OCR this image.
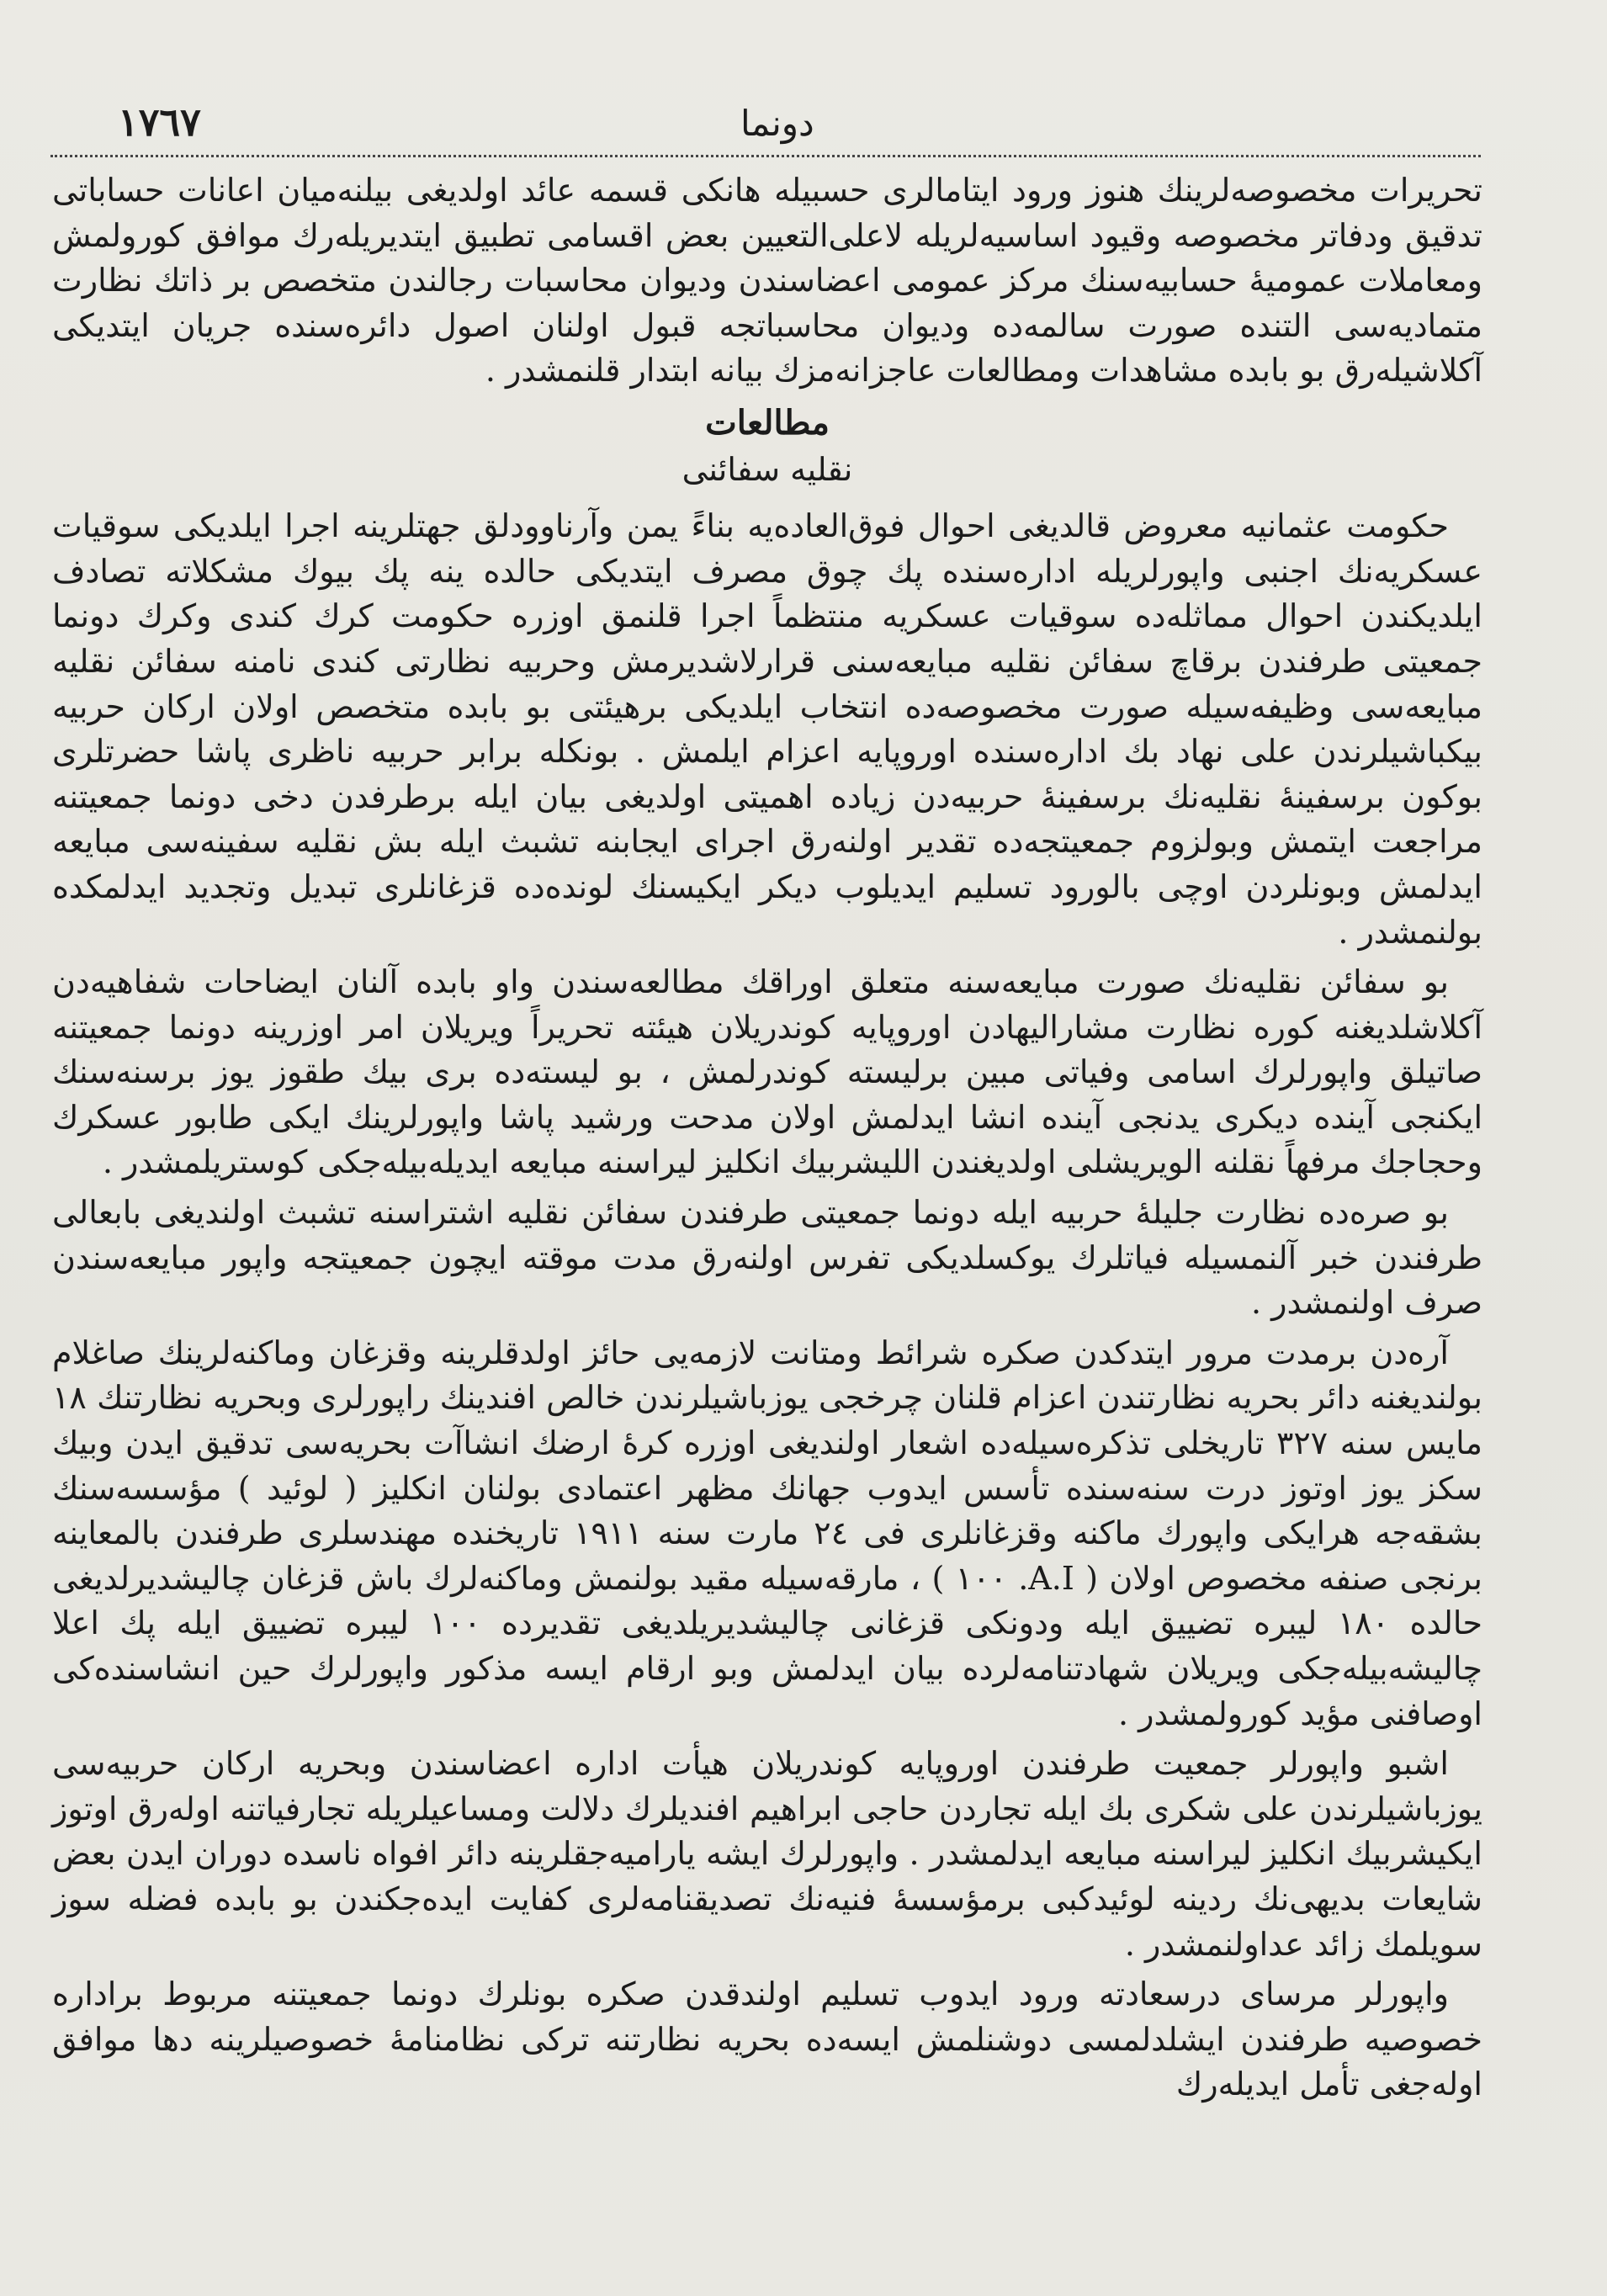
١٧٦٧	دونما

تحریرات مخصوصه‌لرینك هنوز ورود ایتامالری حسبیله هانکی قسمه عائد اولدیغی بیلنه‌میان اعانات حساباتی تدقیق ودفاتر مخصوصه وقیود اساسیه‌لریله لاعلی‌التعیین بعض اقسامی تطبیق ایتدیریله‌رك موافق کورولمش ومعاملات عمومیهٔ حسابیه‌سنك مرکز عمومی اعضاسندن ودیوان محاسبات رجالندن متخصص بر ذاتك نظارت متمادیه‌سی التنده صورت سالمه‌ده ودیوان محاسباتجه قبول اولنان اصول دائره‌سنده جریان ایتدیکی آکلاشیله‌رق بو بابده مشاهدات ومطالعات عاجزانه‌مزك بیانه ابتدار قلنمشدر .

مطالعات

نقلیه سفائنی

حکومت عثمانیه معروض قالدیغی احوال فوق‌العاده‌یه بناءً یمن وآرناوودلق جهتلرینه اجرا ایلدیکی سوقیات عسکریه‌نك اجنبی واپورلریله اداره‌سنده پك چوق مصرف ایتدیکی حالده ینه پك بیوك مشکلاته تصادف ایلدیکندن احوال مماثله‌ده سوقیات عسکریه منتظماً اجرا قلنمق اوزره حکومت کرك کندی وکرك دونما جمعیتی طرفندن برقاچ سفائن نقلیه مبایعه‌سنی قرارلاشدیرمش وحربیه نظارتی کندی نامنه سفائن نقلیه مبایعه‌سی وظیفه‌سیله صورت مخصوصه‌ده انتخاب ایلدیکی برهیئتی بو بابده متخصص اولان ارکان حربیه بیکباشیلرندن علی نهاد بك اداره‌سنده اوروپایه اعزام ایلمش . بونکله برابر حربیه ناظری پاشا حضرتلری بوکون برسفینهٔ نقلیه‌نك برسفینهٔ حربیه‌دن زیاده اهمیتی اولدیغی بیان ایله برطرفدن دخی دونما جمعیتنه مراجعت ایتمش وبولزوم جمعیتجه‌ده تقدیر اولنه‌رق اجرای ایجابنه تشبث ایله بش نقلیه سفینه‌سی مبایعه ایدلمش وبونلردن اوچی بالورود تسلیم ایدیلوب دیکر ایکیسنك لونده‌ده قزغانلری تبدیل وتجدید ایدلمکده بولنمشدر .

بو سفائن نقلیه‌نك صورت مبایعه‌سنه متعلق اوراقك مطالعه‌سندن واو بابده آلنان ایضاحات شفاهیه‌دن آکلاشلدیغنه کوره نظارت مشارالیهادن اوروپایه کوندریلان هیئته تحریراً ویریلان امر اوزرینه دونما جمعیتنه صاتیلق واپورلرك اسامی وفیاتی مبین برلیسته کوندرلمش ، بو لیسته‌ده بری بیك طقوز یوز برسنه‌سنك ایکنجی آینده دیکری یدنجی آینده انشا ایدلمش اولان مدحت ورشید پاشا واپورلرینك ایکی طابور عسکرك وحجاجك مرفهاً نقلنه الویریشلی اولدیغندن اللیشربیك انکلیز لیراسنه مبایعه ایدیله‌بیله‌جکی کوستریلمشدر .

بو صره‌ده نظارت جلیلهٔ حربیه ایله دونما جمعیتی طرفندن سفائن نقلیه اشتراسنه تشبث اولندیغی بابعالی طرفندن خبر آلنمسیله فیاتلرك یوکسلدیکی تفرس اولنه‌رق مدت موقته ایچون جمعیتجه واپور مبایعه‌سندن صرف اولنمشدر .

آره‌دن برمدت مرور ایتدکدن صکره شرائط ومتانت لازمه‌یی حائز اولدقلرینه وقزغان وماکنه‌لرینك صاغلام بولندیغنه دائر بحریه نظارتندن اعزام قلنان چرخجی یوزباشیلرندن خالص افندینك راپورلری وبحریه نظارتنك ١٨ مایس سنه ٣٢٧ تاریخلی تذکره‌سیله‌ده اشعار اولندیغی اوزره کرهٔ ارضك انشاآت بحریه‌سی تدقیق ایدن وبیك سکز یوز اوتوز درت سنه‌سنده تأسس ایدوب جهانك مظهر اعتمادی بولنان انکلیز ( لوئید ) مؤسسه‌سنك بشقه‌جه هرایکی واپورك ماکنه وقزغانلری فی ٢٤ مارت سنه ١٩١١ تاریخنده مهندسلری طرفندن بالمعاینه برنجی صنفه مخصوص اولان ( A.I. ١٠٠ ) ، مارقه‌سیله مقید بولنمش وماکنه‌لرك باش قزغان چالیشدیرلدیغی حالده ١٨٠ لیبره تضییق ایله ودونکی قزغانی چالیشدیریلدیغی تقدیرده ١٠٠ لیبره تضییق ایله پك اعلا چالیشه‌بیله‌جکی ویریلان شهادتنامه‌لرده بیان ایدلمش وبو ارقام ایسه مذکور واپورلرك حین انشاسنده‌کی اوصافنی مؤید کورولمشدر .

اشبو واپورلر جمعیت طرفندن اوروپایه کوندریلان هیأت اداره اعضاسندن وبحریه ارکان حربیه‌سی یوزباشیلرندن علی شکری بك ایله تجاردن حاجی ابراهیم افندیلرك دلالت ومساعیلریله تجارفیاتنه اوله‌رق اوتوز ایکیشربیك انکلیز لیراسنه مبایعه ایدلمشدر . واپورلرك ایشه یارامیه‌جقلرینه دائر افواه ناسده دوران ایدن بعض شایعات بدیهی‌نك ردینه لوئیدکبی برمؤسسهٔ فنیه‌نك تصدیقنامه‌لری کفایت ایده‌جکندن بو بابده فضله سوز سویلمك زائد عداولنمشدر .

واپورلر مرسای درسعادته ورود ایدوب تسلیم اولندقدن صکره بونلرك دونما جمعیتنه مربوط براداره خصوصیه طرفندن ایشلدلمسی دوشنلمش ایسه‌ده بحریه نظارتنه ترکی نظامنامهٔ خصوصیلرینه دها موافق اوله‌جغی تأمل ایدیله‌رك
